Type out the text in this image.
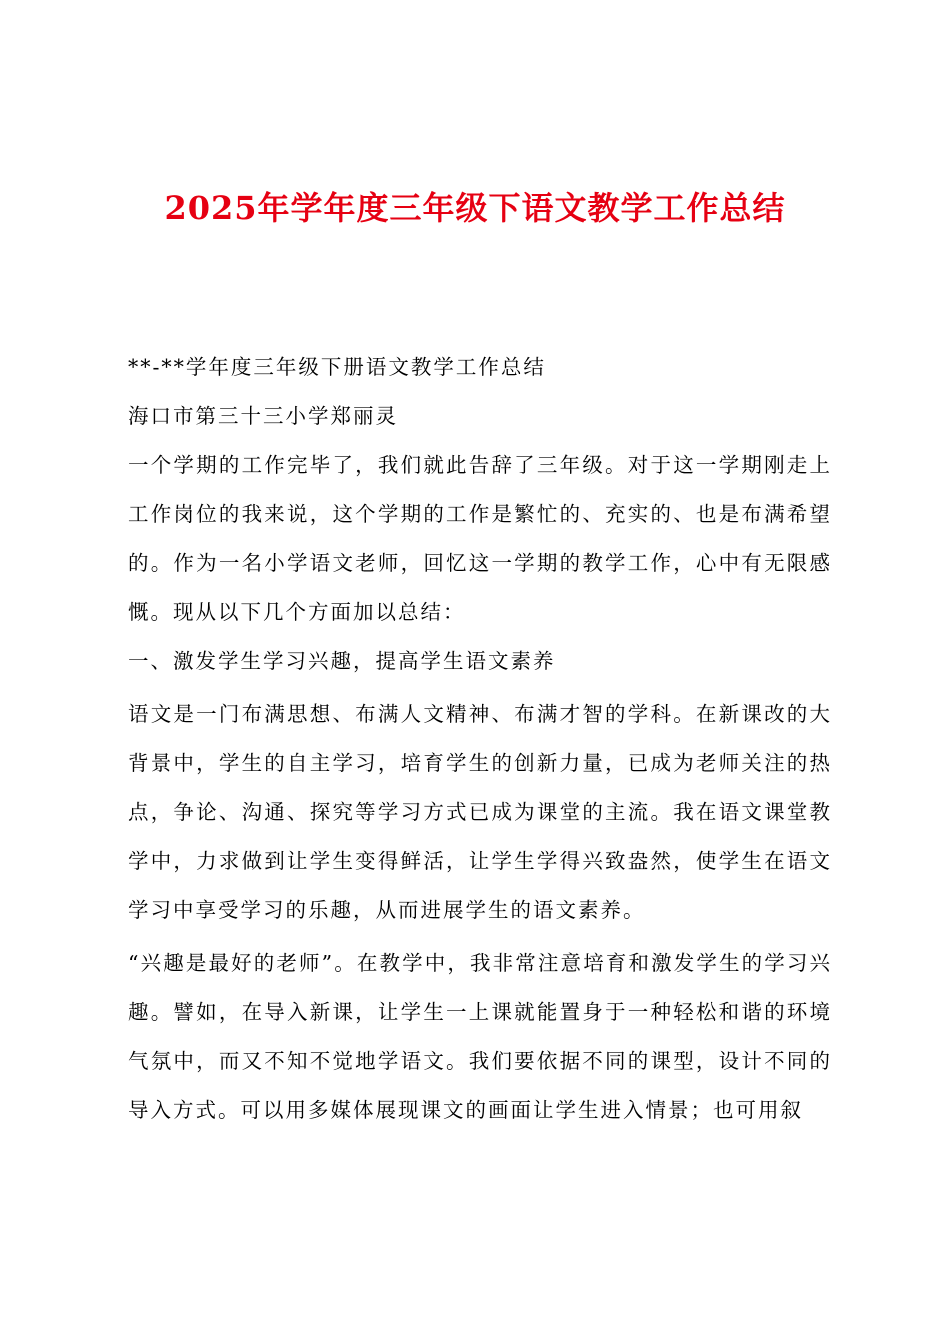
2025年学年度三年级下语文教学工作总结

**-**学年度三年级下册语文教学工作总结

海口市第三十三小学郑丽灵

一个学期的工作完毕了，我们就此告辞了三年级。对于这一学期刚走上工作岗位的我来说，这个学期的工作是繁忙的、充实的、也是布满希望的。作为一名小学语文老师，回忆这一学期的教学工作，心中有无限感慨。现从以下几个方面加以总结：

一、激发学生学习兴趣，提高学生语文素养

语文是一门布满思想、布满人文精神、布满才智的学科。在新课改的大背景中，学生的自主学习，培育学生的创新力量，已成为老师关注的热点，争论、沟通、探究等学习方式已成为课堂的主流。我在语文课堂教学中，力求做到让学生变得鲜活，让学生学得兴致盎然，使学生在语文学习中享受学习的乐趣，从而进展学生的语文素养。

“兴趣是最好的老师”。在教学中，我非常注意培育和激发学生的学习兴趣。譬如，在导入新课，让学生一上课就能置身于一种轻松和谐的环境气氛中，而又不知不觉地学语文。我们要依据不同的课型，设计不同的导入方式。可以用多媒体展现课文的画面让学生进入情景；也可用叙
